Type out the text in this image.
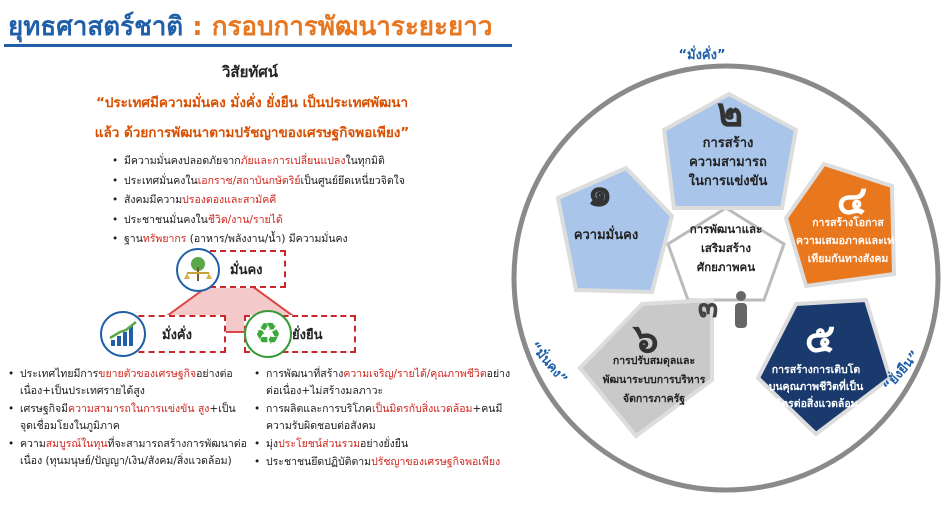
ยุทธศาสตร์ชาติ : กรอบการพัฒนาระยะยาว
วิสัยทัศน์
“ประเทศมีความมั่นคง มั่งคั่ง ยั่งยืน เป็นประเทศพัฒนา
แล้ว ด้วยการพัฒนาตามปรัชญาของเศรษฐกิจพอเพียง”
• มีความมั่นคงปลอดภัยจากภัยและการเปลี่ยนแปลงในทุกมิติ
• ประเทศมั่นคงในเอกราช/สถาบันกษัตริย์เป็นศูนย์ยึดเหนี่ยวจิตใจ
• สังคมมีความปรองดองและสามัคคี
• ประชาชนมั่นคงในชีวิต/งาน/รายได้
• ฐานทรัพยากร (อาหาร/พลังงาน/น้ำ) มีความมั่นคง
มั่นคง
มั่งคั่ง	ยั่งยืน
♻
• ประเทศไทยมีการขยายตัวของเศรษฐกิจอย่างต่อเนื่อง+เป็นประเทศรายได้สูง
• เศรษฐกิจมีความสามารถในการแข่งขัน สูง+เป็นจุดเชื่อมโยงในภูมิภาค
• ความสมบูรณ์ในทุนที่จะสามารถสร้างการพัฒนาต่อเนื่อง (ทุนมนุษย์/ปัญญา/เงิน/สังคม/สิ่งแวดล้อม)
• การพัฒนาที่สร้างความเจริญ/รายได้/คุณภาพชีวิตอย่างต่อเนื่อง+ไม่สร้างมลภาวะ
• การผลิตและการบริโภคเป็นมิตรกับสิ่งแวดล้อม+คนมีความรับผิดชอบต่อสังคม
• มุ่งประโยชน์ส่วนรวมอย่างยั่งยืน
• ประชาชนยึดปฏิบัติตามปรัชญาของเศรษฐกิจพอเพียง
๒
การสร้าง
ความสามารถ
ในการแข่งขัน
๑
ความมั่นคง
๔
การสร้างโอกาส
ความเสมอภาคและเท่า
เทียมกันทางสังคม
๕
การสร้างการเติบโต
บนคุณภาพชีวิตที่เป็น
มิตรต่อสิ่งแวดล้อม
๖
การปรับสมดุลและ
พัฒนาระบบการบริหาร
จัดการภาครัฐ
การพัฒนาและ
เสริมสร้าง
ศักยภาพคน
๓
“มั่งคั่ง”
“มั่นคง”	“ยั่งยืน”
